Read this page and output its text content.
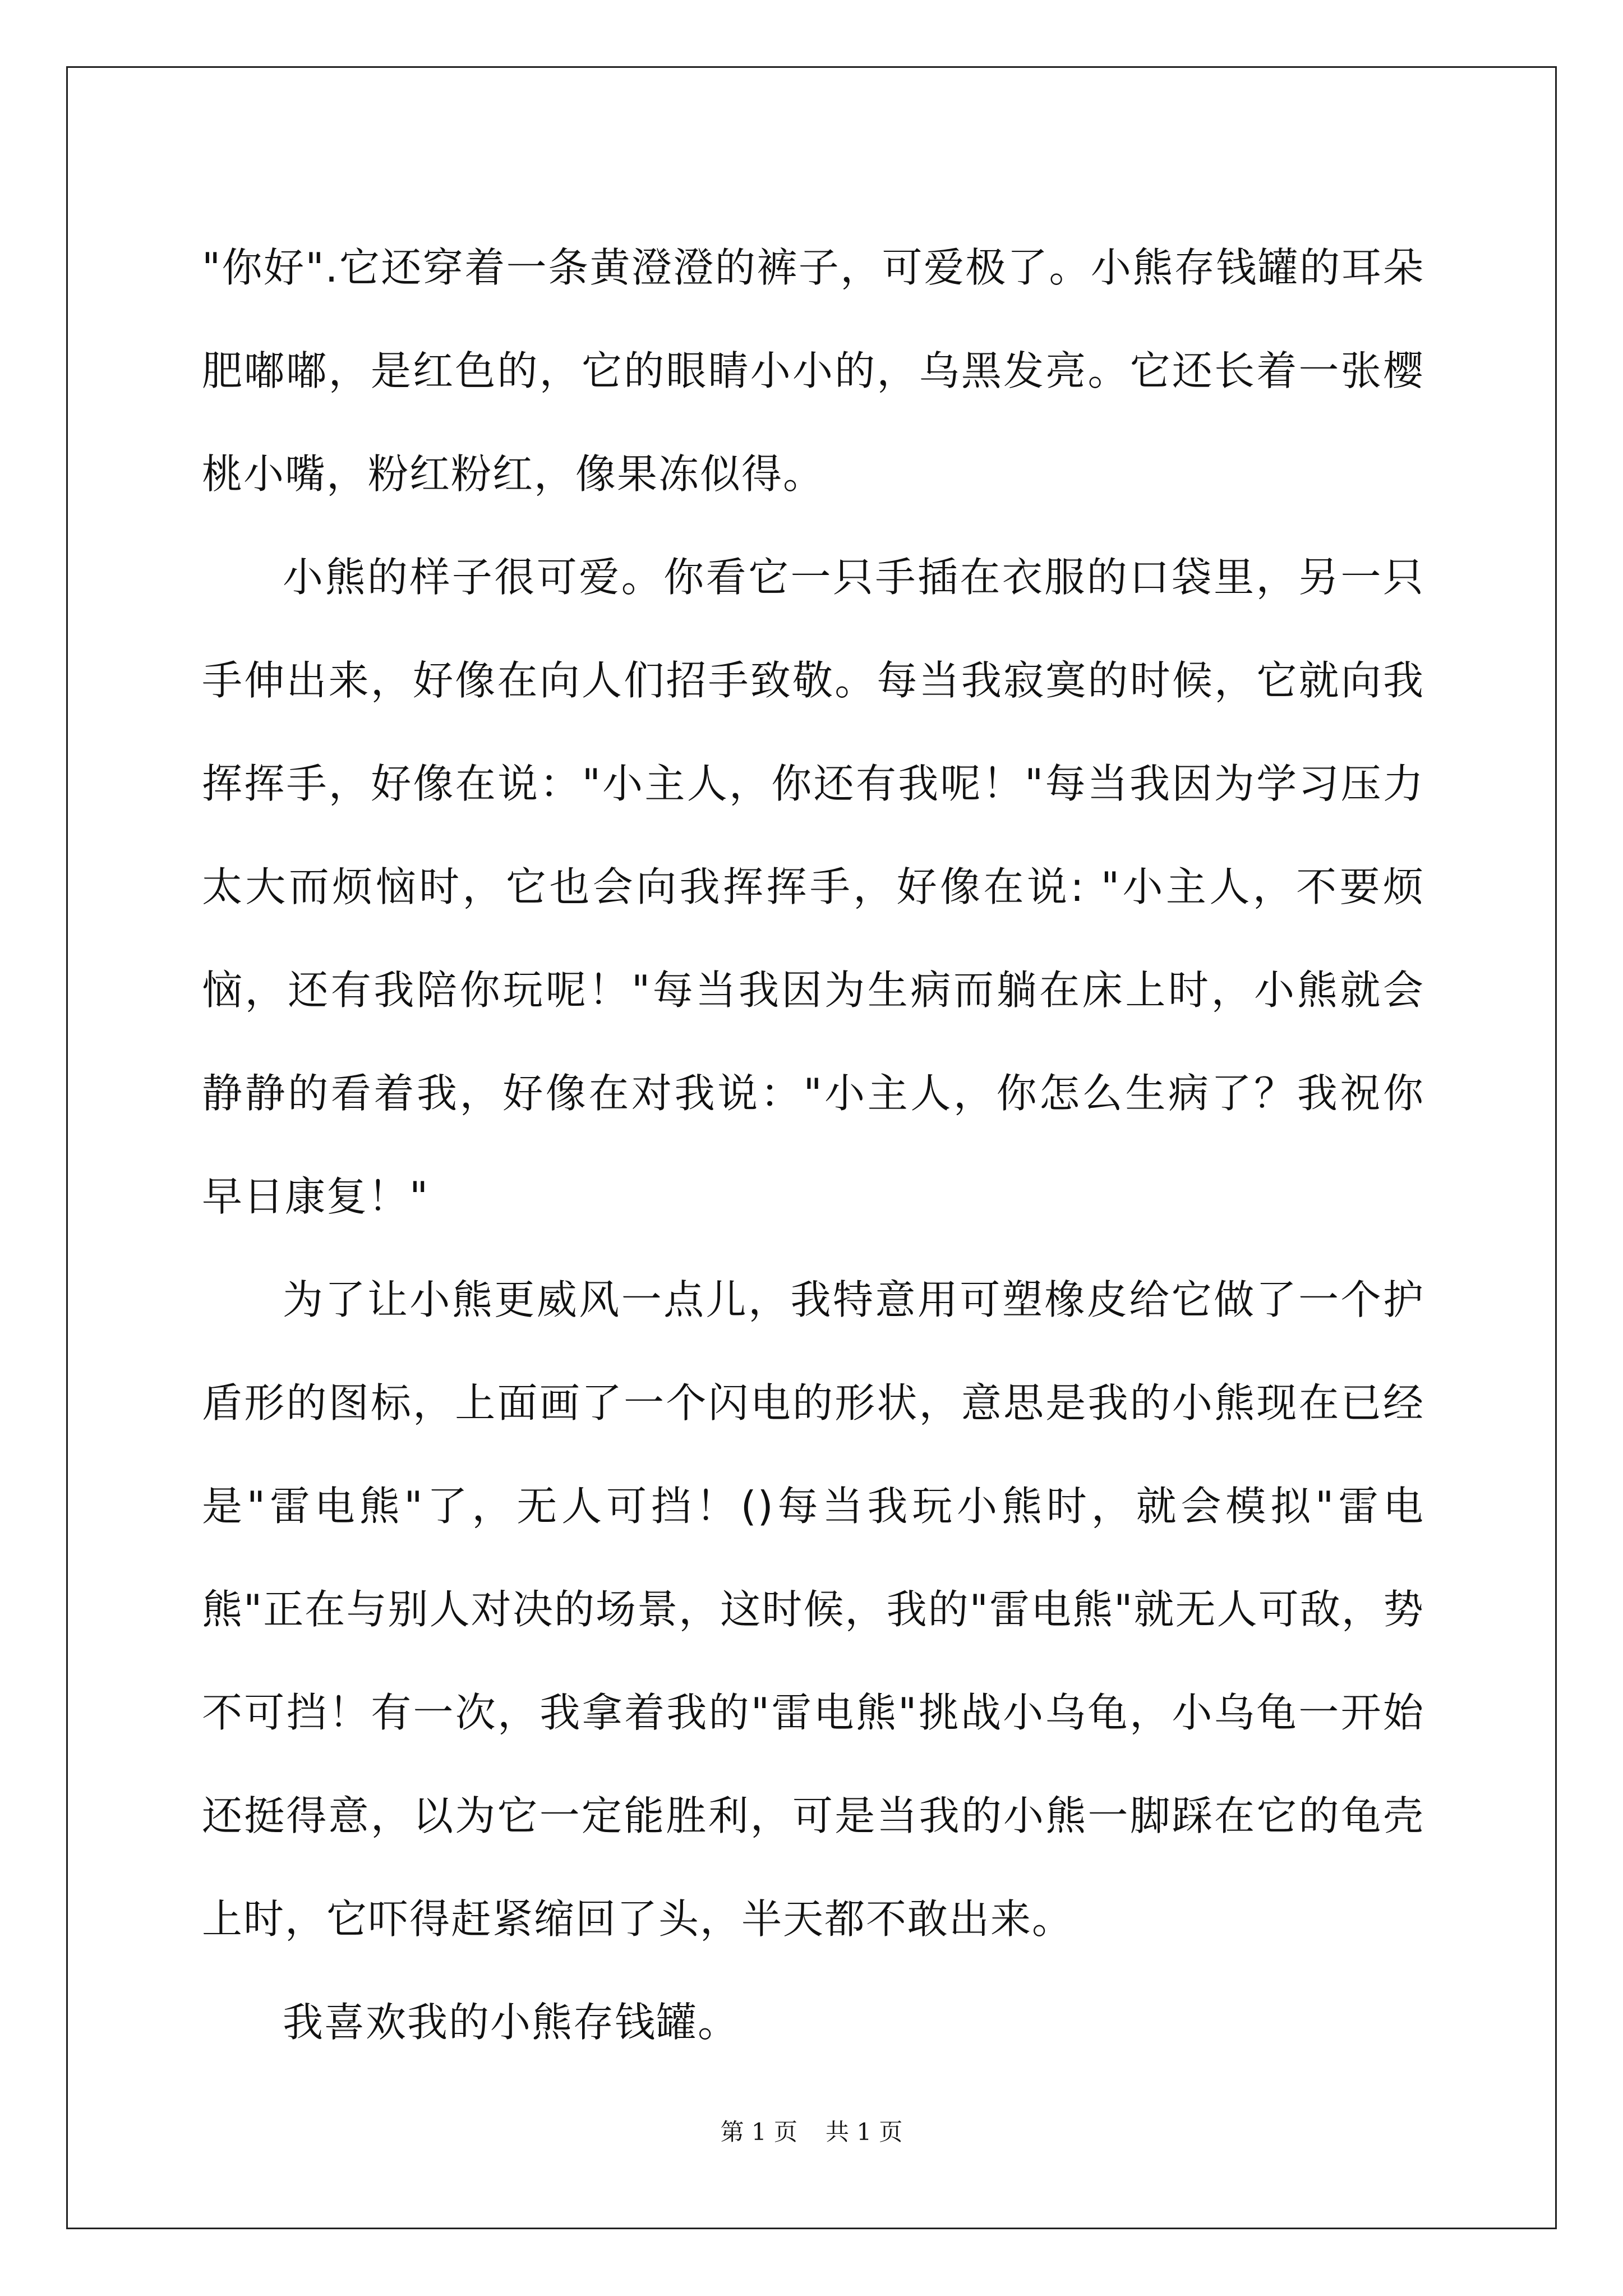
"你好".它还穿着一条黄澄澄的裤子，可爱极了。小熊存钱罐的耳朵肥嘟嘟，是红色的，它的眼睛小小的，乌黑发亮。它还长着一张樱桃小嘴，粉红粉红，像果冻似得。

小熊的样子很可爱。你看它一只手插在衣服的口袋里，另一只手伸出来，好像在向人们招手致敬。每当我寂寞的时候，它就向我挥挥手，好像在说："小主人，你还有我呢！"每当我因为学习压力太大而烦恼时，它也会向我挥挥手，好像在说: "小主人，不要烦恼，还有我陪你玩呢！"每当我因为生病而躺在床上时，小熊就会静静的看着我，好像在对我说："小主人，你怎么生病了？我祝你早日康复！"

为了让小熊更威风一点儿，我特意用可塑橡皮给它做了一个护盾形的图标，上面画了一个闪电的形状，意思是我的小熊现在已经是"雷电熊"了，无人可挡！()每当我玩小熊时，就会模拟"雷电熊"正在与别人对决的场景，这时候，我的"雷电熊"就无人可敌，势不可挡！有一次，我拿着我的"雷电熊"挑战小乌龟，小乌龟一开始还挺得意，以为它一定能胜利，可是当我的小熊一脚踩在它的龟壳上时，它吓得赶紧缩回了头，半天都不敢出来。

我喜欢我的小熊存钱罐。

第 1 页 共 1 页
